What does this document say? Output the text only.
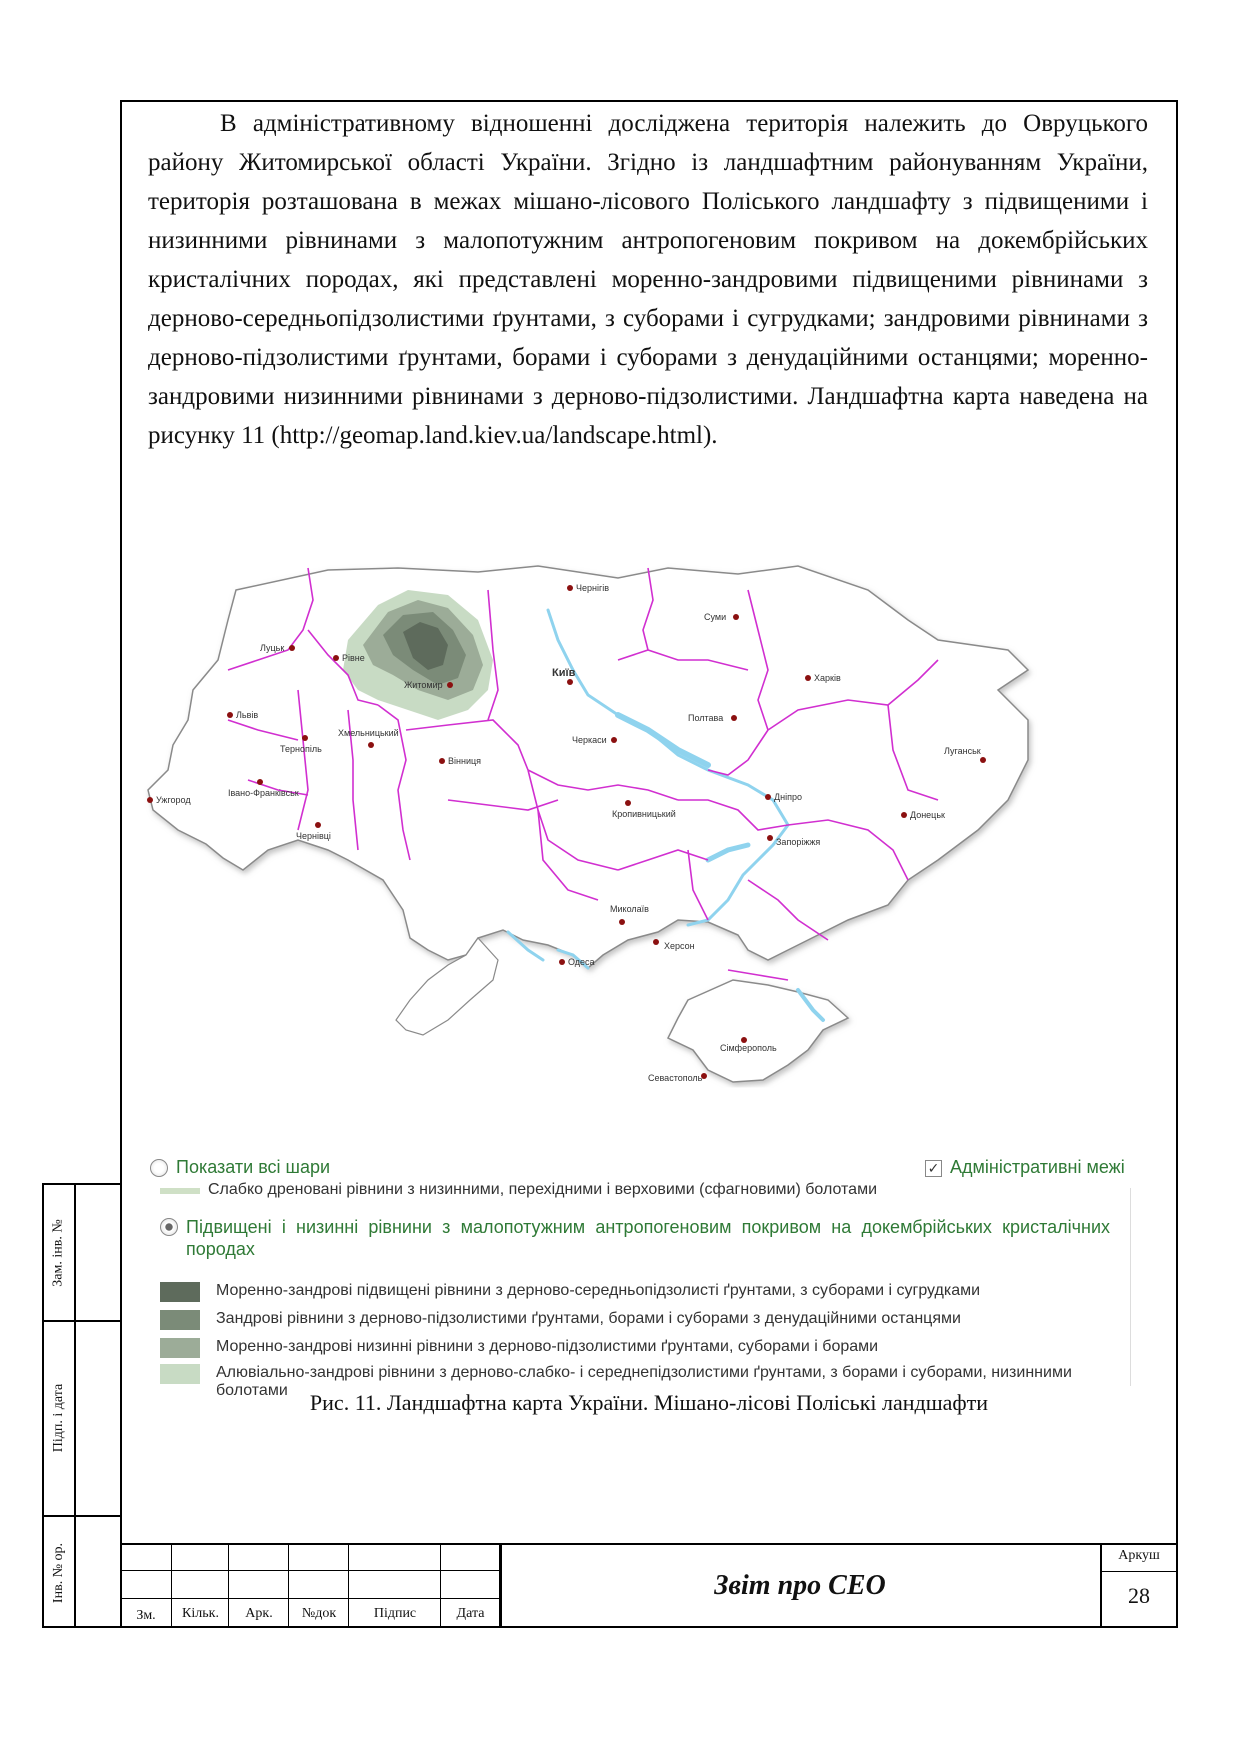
В адміністративному відношенні досліджена територія належить до Овруцького району Житомирської області України. Згідно із ландшафтним районуванням України, територія розташована в межах мішано-лісового Поліського ландшафту з підвищеними і низинними рівнинами з малопотужним антропогеновим покривом на докембрійських кристалічних породах, які представлені моренно-зандровими підвищеними рівнинами з дерново-середньопідзолистими ґрунтами, з суборами і сугрудками; зандровими рівнинами з дерново-підзолистими ґрунтами, борами і суборами з денудаційними останцями; моренно-зандровими низинними рівнинами з дерново-підзолистими. Ландшафтна карта наведена на рисунку 11 (http://geomap.land.kiev.ua/landscape.html).

Чернігів
Суми
Луцьк
Рівне
Житомир
Київ	Харків
Львів
Тернопіль
Хмельницький
Полтава
Черкаси
Луганськ
Вінниця
Ужгород
Івано-Франківськ	Дніпро
Кропивницький	Донецьк
Чернівці
Запоріжжя
Миколаїв
Херсон
Одеса
Сімферополь
Севастополь
Показати всі шари	✓ Адміністративні межі
Слабко дреновані рівнини з низинними, перехідними і верховими (сфагновими) болотами
Підвищені і низинні рівнини з малопотужним антропогеновим покривом на докембрійських кристалічних породах
Моренно-зандрові підвищені рівнини з дерново-середньопідзолисті ґрунтами, з суборами і сугрудками
Зандрові рівнини з дерново-підзолистими ґрунтами, борами і суборами з денудаційними останцями
Моренно-зандрові низинні рівнини з дерново-підзолистими ґрунтами, суборами і борами
Алювіально-зандрові рівнини з дерново-слабко- і середнепідзолистими ґрунтами, з борами і суборами, низинними болотами	Рис. 11. Ландшафтна карта України. Мішано-лісові Поліські ландшафти
Зам. інв. №
Підп. і дата
Інв. № ор.
Зм.	Кільк.	Арк.	№док	Підпис	Дата
Звіт про СЕО
Аркуш
28
